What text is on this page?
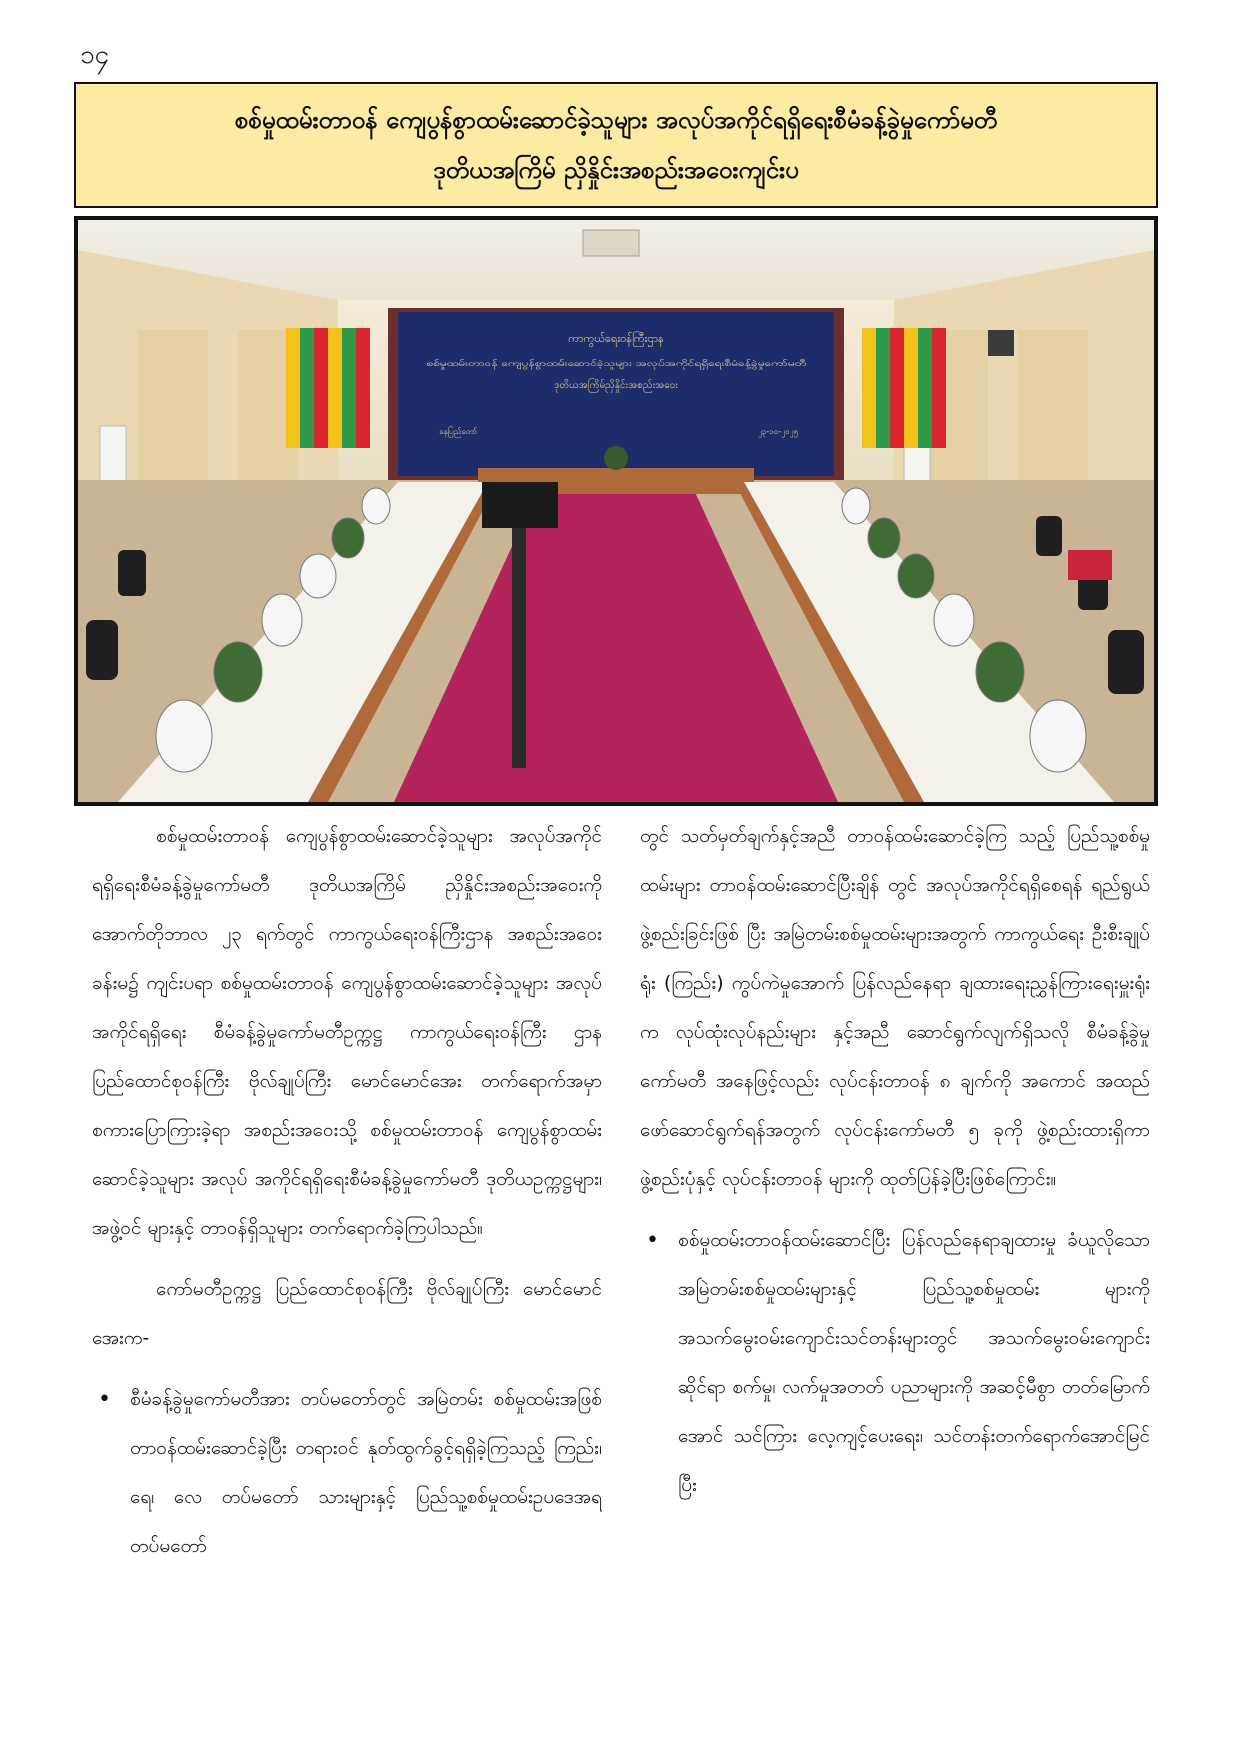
၁၄
စစ်မှုထမ်းတာဝန် ကျေပွန်စွာထမ်းဆောင်ခဲ့သူများ အလုပ်အကိုင်ရရှိရေးစီမံခန့်ခွဲမှုကော်မတီ
ဒုတိယအကြိမ် ညှိနှိုင်းအစည်းအဝေးကျင်းပ
ကာကွယ်ရေးဝန်ကြီးဌာန
စစ်မှုထမ်းတာဝန် ကျေပွန်စွာထမ်းဆောင်ခဲ့သူများ အလုပ်အကိုင်ရရှိရေးစီမံခန့်ခွဲမှုကော်မတီ
ဒုတိယအကြိမ်ညှိနှိုင်းအစည်းအဝေး
နေပြည်တော်	၂၃-၁၀-၂၀၂၅

စစ်မှုထမ်းတာဝန် ကျေပွန်စွာထမ်းဆောင်ခဲ့သူများ အလုပ်အကိုင်ရရှိရေးစီမံခန့်ခွဲမှုကော်မတီ ဒုတိယအကြိမ် ညှိနှိုင်းအစည်းအဝေးကို အောက်တိုဘာလ ၂၃ ရက်တွင် ကာကွယ်ရေးဝန်ကြီးဌာန အစည်းအဝေးခန်းမ၌ ကျင်းပရာ စစ်မှုထမ်းတာဝန် ကျေပွန်စွာထမ်းဆောင်ခဲ့သူများ အလုပ် အကိုင်ရရှိရေး စီမံခန့်ခွဲမှုကော်မတီဥက္ကဋ္ဌ ကာကွယ်ရေးဝန်ကြီး ဌာန ပြည်ထောင်စုဝန်ကြီး ဗိုလ်ချုပ်ကြီး မောင်မောင်အေး တက်ရောက်အမှာစကားပြောကြားခဲ့ရာ အစည်းအဝေးသို့ စစ်မှုထမ်းတာဝန် ကျေပွန်စွာထမ်းဆောင်ခဲ့သူများ အလုပ် အကိုင်ရရှိရေးစီမံခန့်ခွဲမှုကော်မတီ ဒုတိယဥက္ကဋ္ဌများ၊ အဖွဲ့ဝင် များနှင့် တာဝန်ရှိသူများ တက်ရောက်ခဲ့ကြပါသည်။

ကော်မတီဥက္ကဋ္ဌ ပြည်ထောင်စုဝန်ကြီး ဗိုလ်ချုပ်ကြီး မောင်မောင်အေးက-

• စီမံခန့်ခွဲမှုကော်မတီအား တပ်မတော်တွင် အမြဲတမ်း စစ်မှုထမ်းအဖြစ် တာဝန်ထမ်းဆောင်ခဲ့ပြီး တရားဝင် နုတ်ထွက်ခွင့်ရရှိခဲ့ကြသည့် ကြည်း၊ ရေ၊ လေ တပ်မတော် သားများနှင့် ပြည်သူ့စစ်မှုထမ်းဥပဒေအရ တပ်မတော်

တွင် သတ်မှတ်ချက်နှင့်အညီ တာဝန်ထမ်းဆောင်ခဲ့ကြ သည့် ပြည်သူ့စစ်မှုထမ်းများ တာဝန်ထမ်းဆောင်ပြီးချိန် တွင် အလုပ်အကိုင်ရရှိစေရန် ရည်ရွယ်ဖွဲ့စည်းခြင်းဖြစ် ပြီး အမြဲတမ်းစစ်မှုထမ်းများအတွက် ကာကွယ်ရေး ဦးစီးချုပ်ရုံး (ကြည်း) ကွပ်ကဲမှုအောက် ပြန်လည်နေရာ ချထားရေးညွှန်ကြားရေးမှူးရုံးက လုပ်ထုံးလုပ်နည်းများ နှင့်အညီ ဆောင်ရွက်လျက်ရှိသလို စီမံခန့်ခွဲမှုကော်မတီ အနေဖြင့်လည်း လုပ်ငန်းတာဝန် ၈ ချက်ကို အကောင် အထည်ဖော်ဆောင်ရွက်ရန်အတွက် လုပ်ငန်းကော်မတီ ၅ ခုကို ဖွဲ့စည်းထားရှိကာ ဖွဲ့စည်းပုံနှင့် လုပ်ငန်းတာဝန် များကို ထုတ်ပြန်ခဲ့ပြီးဖြစ်ကြောင်း။

• စစ်မှုထမ်းတာဝန်ထမ်းဆောင်ပြီး ပြန်လည်နေရာချထားမှု ခံယူလိုသော အမြဲတမ်းစစ်မှုထမ်းများနှင့် ပြည်သူ့စစ်မှုထမ်း များကို အသက်မွေးဝမ်းကျောင်းသင်တန်းများတွင် အသက်မွေးဝမ်းကျောင်းဆိုင်ရာ စက်မှု၊ လက်မှုအတတ် ပညာများကို အဆင့်မီစွာ တတ်မြောက်အောင် သင်ကြား လေ့ကျင့်ပေးရေး၊ သင်တန်းတက်ရောက်အောင်မြင်ပြီး
